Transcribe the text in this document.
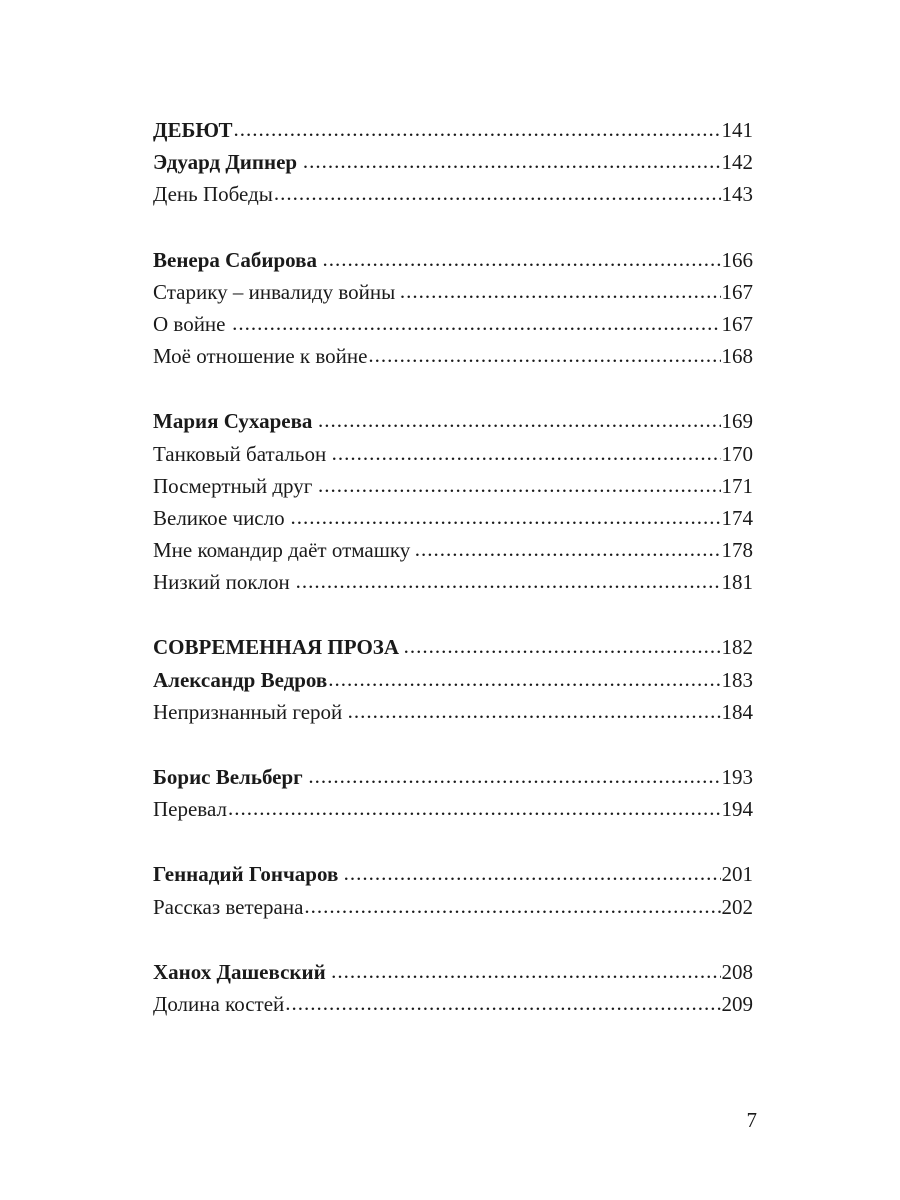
ДЕБЮТ .....	141
Эдуард Дипнер .....	142
День Победы .....	143
Венера Сабирова .....	166
Старику – инвалиду войны .....	167
О войне .....	167
Моё отношение к войне .....	168
Мария Сухарева .....	169
Танковый батальон .....	170
Посмертный друг .....	171
Великое число .....	174
Мне командир даёт отмашку .....	178
Низкий поклон .....	181
СОВРЕМЕННАЯ ПРОЗА .....	182
Александр Ведров .....	183
Непризнанный герой .....	184
Борис Вельберг .....	193
Перевал .....	194
Геннадий Гончаров .....	201
Рассказ ветерана .....	202
Ханох Дашевский .....	208
Долина костей .....	209
7
